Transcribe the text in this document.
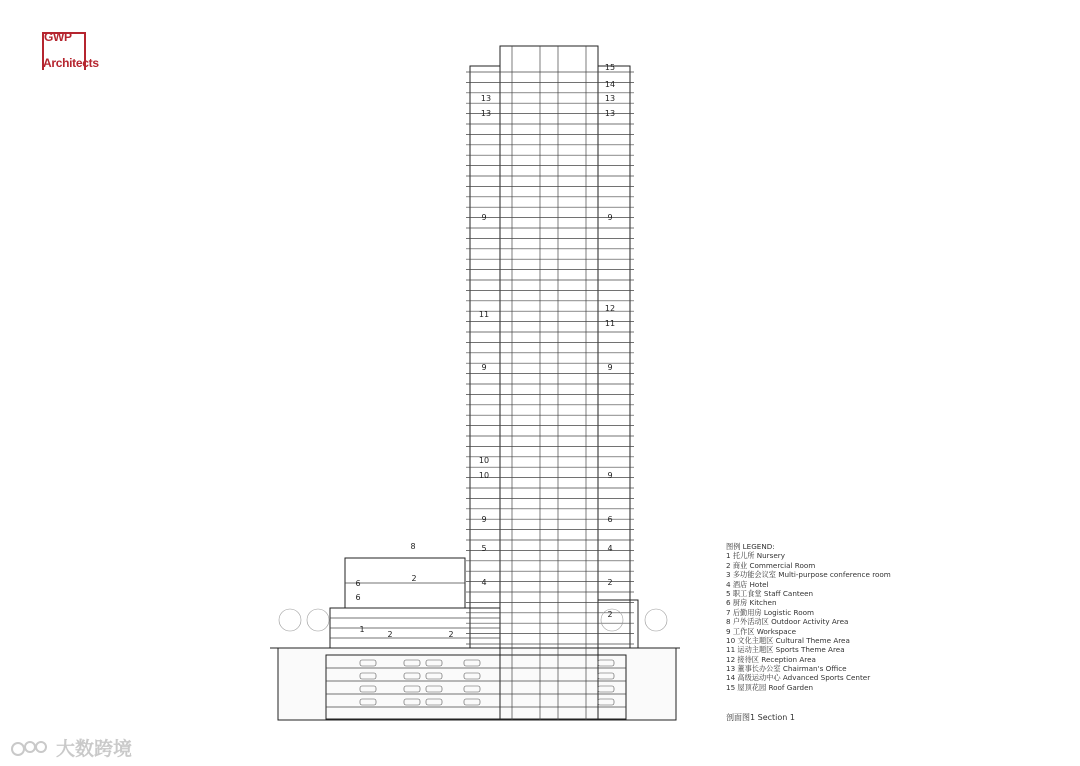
13
13
9
11
9
10
10
9
5
4
8
2
6
6
1
2	2
15
14
13
13
9
12
11
9
9
6
4
2
2
GWP
Architects
图例 LEGEND:
1 托儿所 Nursery
2 商业 Commercial Room
3 多功能会议室 Multi-purpose conference room
4 酒店 Hotel
5 职工食堂 Staff Canteen
6 厨房 Kitchen
7 后勤用房 Logistic Room
8 户外活动区 Outdoor Activity Area
9 工作区 Workspace
10 文化主题区 Cultural Theme Area
11 运动主题区 Sports Theme Area
12 接待区 Reception Area
13 董事长办公室 Chairman's Office
14 高级运动中心 Advanced Sports Center
15 屋顶花园 Roof Garden
剖面图1 Section 1
大数跨境
